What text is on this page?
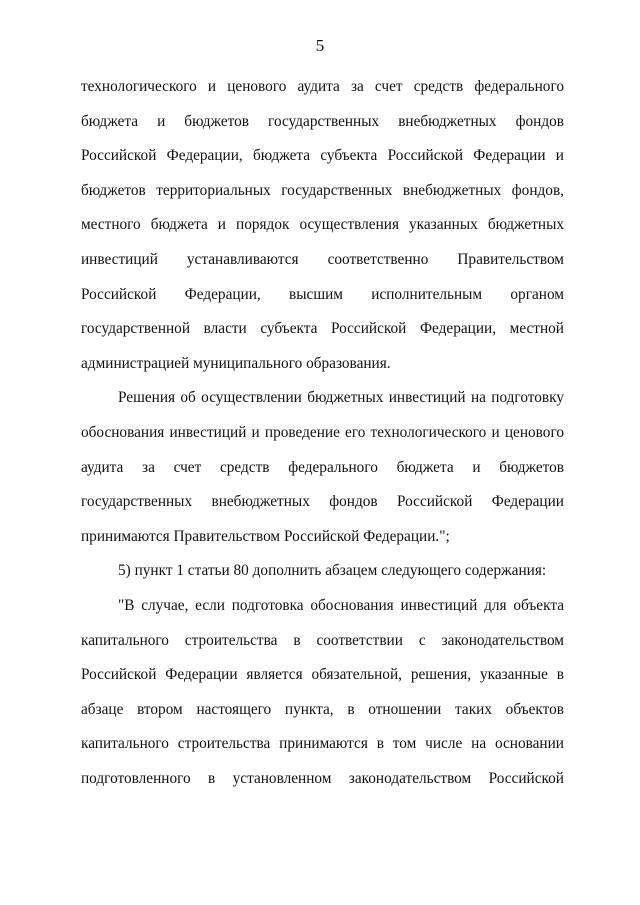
5

технологического и ценового аудита за счет средств федерального бюджета и бюджетов государственных внебюджетных фондов Российской Федерации, бюджета субъекта Российской Федерации и бюджетов территориальных государственных внебюджетных фондов, местного бюджета и порядок осуществления указанных бюджетных инвестиций устанавливаются соответственно Правительством Российской Федерации, высшим исполнительным органом государственной власти субъекта Российской Федерации, местной администрацией муниципального образования.

Решения об осуществлении бюджетных инвестиций на подготовку обоснования инвестиций и проведение его технологического и ценового аудита за счет средств федерального бюджета и бюджетов государственных внебюджетных фондов Российской Федерации принимаются Правительством Российской Федерации.";

5) пункт 1 статьи 80 дополнить абзацем следующего содержания:

"В случае, если подготовка обоснования инвестиций для объекта капитального строительства в соответствии с законодательством Российской Федерации является обязательной, решения, указанные в абзаце втором настоящего пункта, в отношении таких объектов капитального строительства принимаются в том числе на основании подготовленного в установленном законодательством Российской
